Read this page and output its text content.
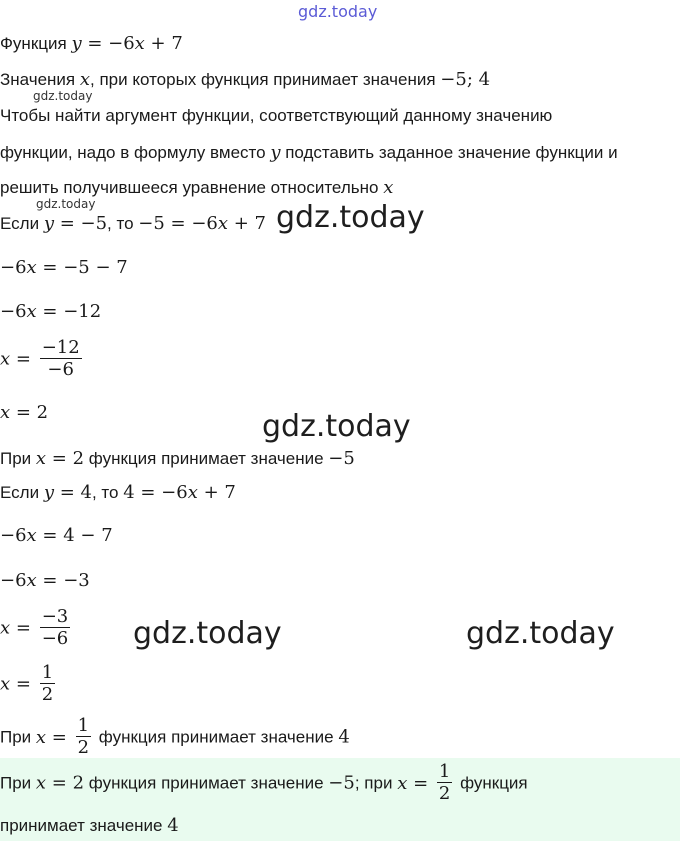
gdz.today
Функция y = −6x + 7
Значения x, при которых функция принимает значения −5; 4
gdz.today
Чтобы найти аргумент функции, соответствующий данному значению
функции, надо в формулу вместо y подставить заданное значение функции и
решить получившееся уравнение относительно x
gdz.today
Если y = −5, то −5 = −6x + 7 gdz.today
−6x = −5 − 7
−6x = −12
$x = \frac{-12}{-6}$
x = 2	gdz.today
При x = 2 функция принимает значение −5
Если y = 4, то 4 = −6x + 7
−6x = 4 − 7
−6x = −3
$x = \frac{-3}{-6}$ gdz.today	gdz.today
$x = \frac{1}{2}$
При $x = \frac{1}{2}$ функция принимает значение 4
При x = 2 функция принимает значение −5; при $x = \frac{1}{2}$ функция
принимает значение 4
